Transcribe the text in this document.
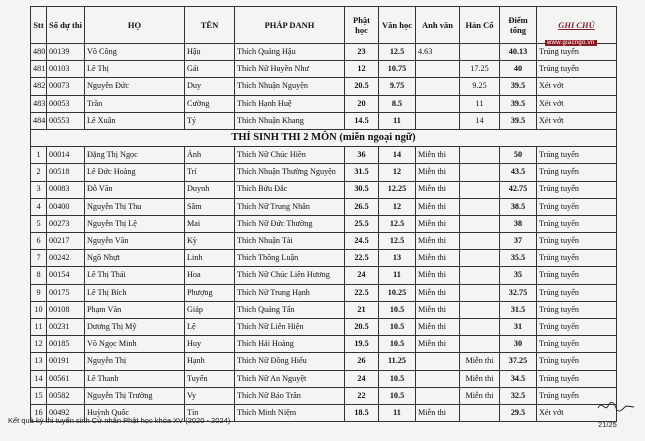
Stt	Số dự thi	HỌ	TÊN	PHÁP DANH	Phật học	Văn học	Anh văn	Hán Cổ	Điểm tổng	GHI CHÚ
480	00139	Võ Công	Hậu	Thích Quảng Hậu	23	12.5	4.63		40.13	Trúng tuyển
481	00103	Lê Thị	Gái	Thích Nữ Huyền Như	12	10.75		17.25	40	Trúng tuyển
482	00073	Nguyễn Đức	Duy	Thích Nhuận Nguyện	20.5	9.75		9.25	39.5	Xét vớt
483	00053	Trần	Cường	Thích Hạnh Huệ	20	8.5		11	39.5	Xét vớt
484	00553	Lê Xuân	Tý	Thích Nhuận Khang	14.5	11		14	39.5	Xét vớt
THÍ SINH THI 2 MÔN (miễn ngoại ngữ)										
1	00014	Đặng Thị Ngọc	Ánh	Thích Nữ Chúc Hiền	36	14	Miễn thi		50	Trúng tuyển
2	00518	Lê Đức Hoàng	Trí	Thích Nhuận Thường Nguyện	31.5	12	Miễn thi		43.5	Trúng tuyển
3	00083	Đỗ Văn	Duynh	Thích Bửu Đắc	30.5	12.25	Miễn thi		42.75	Trúng tuyển
4	00400	Nguyễn Thị Thu	Sâm	Thích Nữ Trung Nhân	26.5	12	Miễn thi		38.5	Trúng tuyển
5	00273	Nguyễn Thị Lệ	Mai	Thích Nữ Đức Thường	25.5	12.5	Miễn thi		38	Trúng tuyển
6	00217	Nguyễn Văn	Kỳ	Thích Nhuận Tài	24.5	12.5	Miễn thi		37	Trúng tuyển
7	00242	Ngô Nhựt	Linh	Thích Thông Luận	22.5	13	Miễn thi		35.5	Trúng tuyển
8	00154	Lê Thị Thái	Hoa	Thích Nữ Chúc Liên Hương	24	11	Miễn thi		35	Trúng tuyển
9	00175	Lê Thị Bích	Phượng	Thích Nữ Trung Hạnh	22.5	10.25	Miễn thi		32.75	Trúng tuyển
10	00108	Phạm Văn	Giáp	Thích Quảng Tấn	21	10.5	Miễn thi		31.5	Trúng tuyển
11	00231	Dương Thị Mỹ	Lệ	Thích Nữ Liên Hiện	20.5	10.5	Miễn thi		31	Trúng tuyển
12	00185	Võ Ngọc Minh	Huy	Thích Hải Hoàng	19.5	10.5	Miễn thi		30	Trúng tuyển
13	00191	Nguyễn Thị	Hạnh	Thích Nữ Đồng Hiếu	26	11.25		Miễn thi	37.25	Trúng tuyển
14	00561	Lê Thanh	Tuyến	Thích Nữ An Nguyệt	24	10.5		Miễn thi	34.5	Trúng tuyển
15	00582	Nguyễn Thị Trường	Vy	Thích Nữ Bảo Trân	22	10.5		Miễn thi	32.5	Trúng tuyển
16	00492	Huỳnh Quốc	Tín	Thích Minh Niệm	18.5	11	Miễn thi		29.5	Xét vớt
www.giacngo.vn
Kết quả kỳ thi tuyển sinh Cử nhân Phật học khóa XV (2020 - 2024)	21/25
